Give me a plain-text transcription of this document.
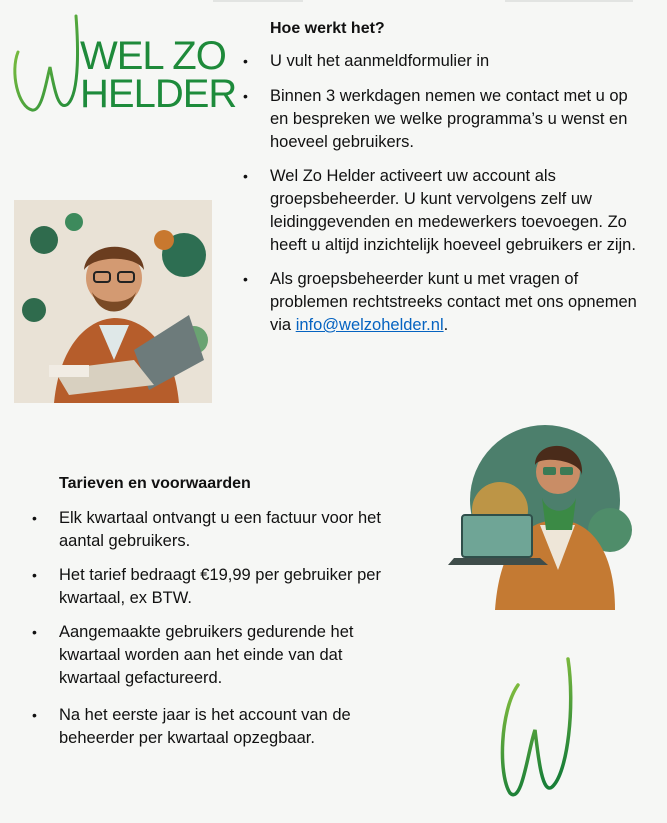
WEL ZO
HELDER
Hoe werkt het?
• U vult het aanmeldformulier in
• Binnen 3 werkdagen nemen we contact met u op en bespreken we welke programma’s u wenst en hoeveel gebruikers.
• Wel Zo Helder activeert uw account als groepsbeheerder. U kunt vervolgens zelf uw leidinggevenden en medewerkers toevoegen. Zo heeft u altijd inzichtelijk hoeveel gebruikers er zijn.
• Als groepsbeheerder kunt u met vragen of problemen rechtstreeks contact met ons opnemen via info@welzohelder.nl.
Tarieven en voorwaarden
• Elk kwartaal ontvangt u een factuur voor het aantal gebruikers.
• Het tarief bedraagt €19,99 per gebruiker per kwartaal, ex BTW.
• Aangemaakte gebruikers gedurende het kwartaal worden aan het einde van dat kwartaal gefactureerd.
• Na het eerste jaar is het account van de beheerder per kwartaal opzegbaar.
